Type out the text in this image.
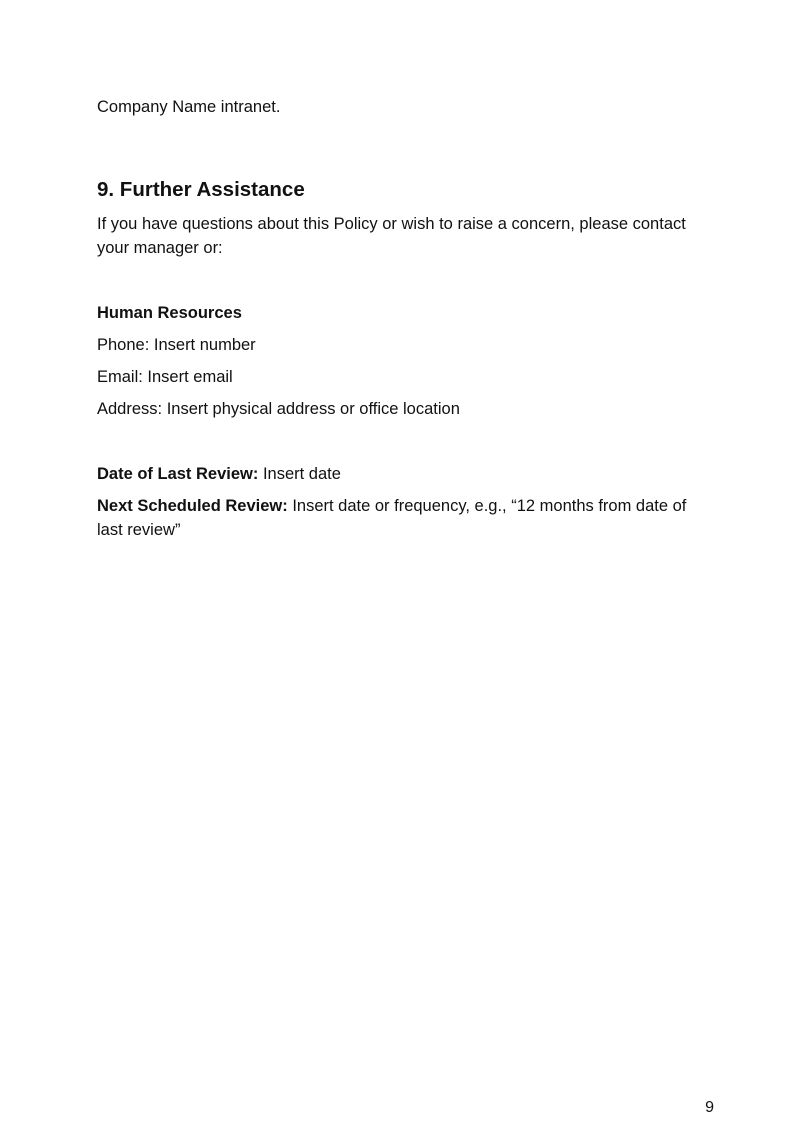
Company Name intranet.
9. Further Assistance
If you have questions about this Policy or wish to raise a concern, please contact your manager or:
Human Resources
Phone: Insert number
Email: Insert email
Address: Insert physical address or office location
Date of Last Review: Insert date
Next Scheduled Review: Insert date or frequency, e.g., “12 months from date of last review”
9
